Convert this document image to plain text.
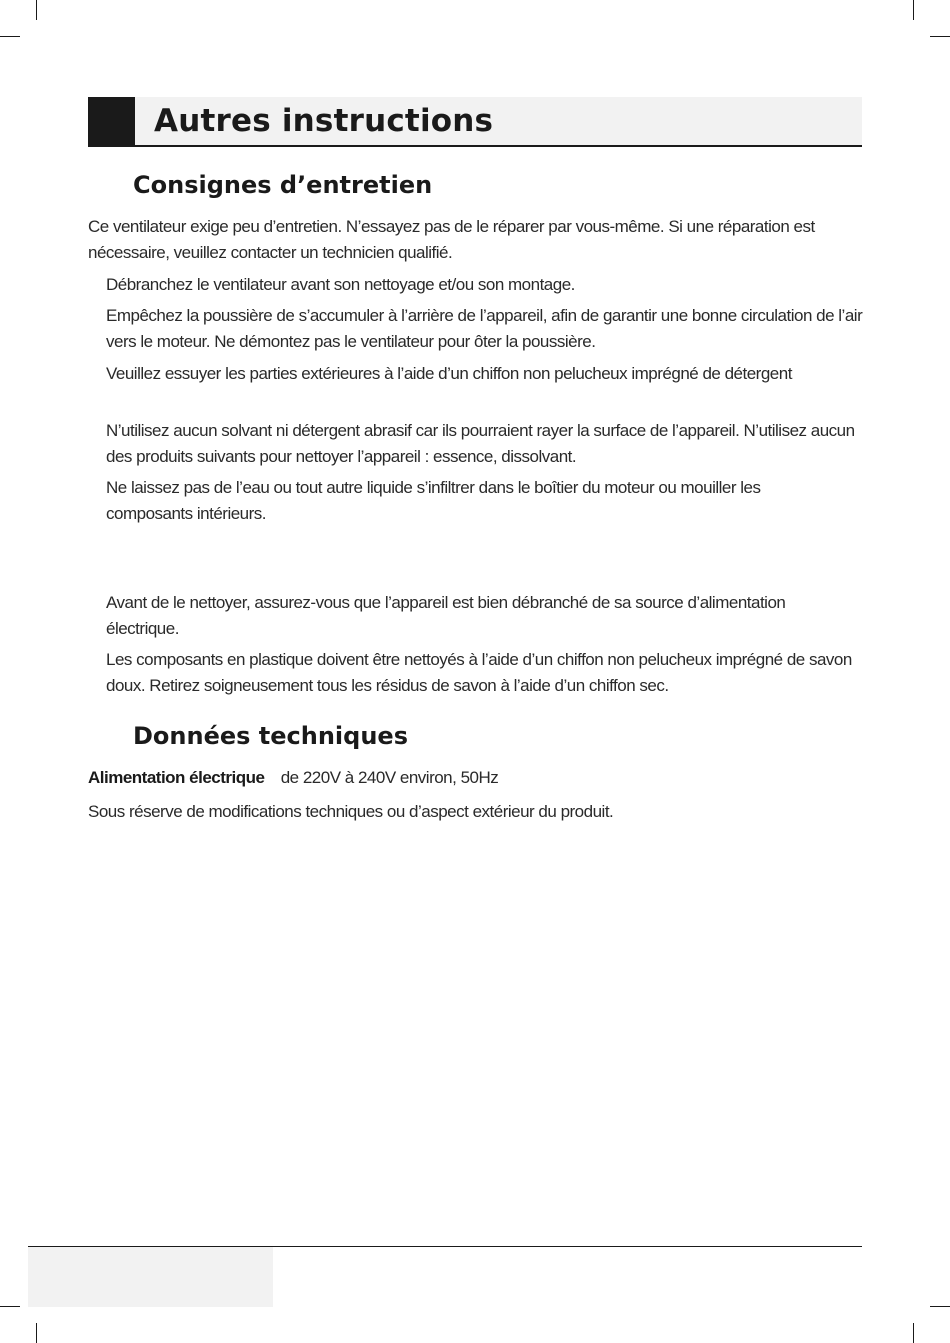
Autres instructions
Consignes d’entretien
Ce ventilateur exige peu d’entretien. N’essayez pas de le réparer par vous-même. Si une réparation est nécessaire, veuillez contacter un technicien qualifié.
Débranchez le ventilateur avant son nettoyage et/ou son montage.
Empêchez la poussière de s’accumuler à l’arrière de l’appareil, afin de garantir une bonne circulation de l’air vers le moteur. Ne démontez pas le ventilateur pour ôter la poussière.
Veuillez essuyer les parties extérieures à l’aide d’un chiffon non pelucheux imprégné de détergent
N’utilisez aucun solvant ni détergent abrasif car ils pourraient rayer la surface de l’appareil. N’utilisez aucun des produits suivants pour nettoyer l’appareil : essence, dissolvant.
Ne laissez pas de l’eau ou tout autre liquide s’infiltrer dans le boîtier du moteur ou mouiller les composants intérieurs.
Avant de le nettoyer, assurez-vous que l’appareil est bien débranché de sa source d’alimentation électrique.
Les composants en plastique doivent être nettoyés à l’aide d’un chiffon non pelucheux imprégné de savon doux. Retirez soigneusement tous les résidus de savon à l’aide d’un chiffon sec.
Données techniques
Alimentation électrique de 220V à 240V environ, 50Hz
Sous réserve de modifications techniques ou d’aspect extérieur du produit.
